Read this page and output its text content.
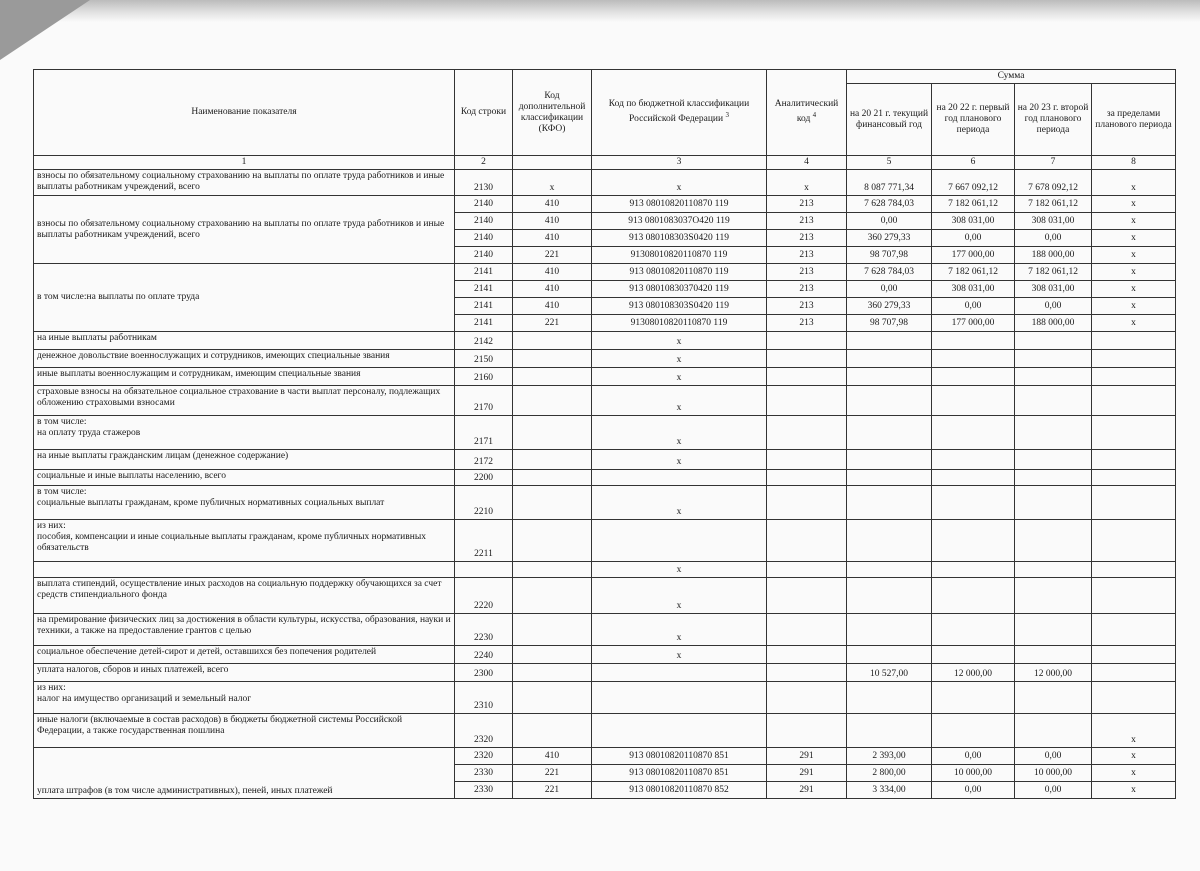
Наименование показателя	Код строки	Код дополнительной классификации (КФО)	Код по бюджетной классификации Российской Федерации $^3$	Аналитический код $^4$	Сумма			
					на 20 21 г. текущий финансовый год	на 20 22 г. первый год планового периода	на 20 23 г. второй год планового периода	за пределами планового периода
1	2		3	4	5	6	7	8
взносы по обязательному социальному страхованию на выплаты по оплате труда работников и иные выплаты работникам учреждений, всего	2130	x	x	x	8 087 771,34	7 667 092,12	7 678 092,12	x
взносы по обязательному социальному страхованию на выплаты по оплате труда работников и иные выплаты работникам учреждений, всего	2140	410	913 08010820110870 119	213	7 628 784,03	7 182 061,12	7 182 061,12	x
	2140	410	913 0801083037О420 119	213	0,00	308 031,00	308 031,00	x
	2140	410	913 080108303S0420 119	213	360 279,33	0,00	0,00	x
	2140	221	91308010820110870 119	213	98 707,98	177 000,00	188 000,00	x
в том числе:на выплаты по оплате труда	2141	410	913 08010820110870 119	213	7 628 784,03	7 182 061,12	7 182 061,12	x
	2141	410	913 08010830370420 119	213	0,00	308 031,00	308 031,00	x
	2141	410	913 080108303S0420 119	213	360 279,33	0,00	0,00	x
	2141	221	91308010820110870 119	213	98 707,98	177 000,00	188 000,00	x
на иные выплаты работникам	2142		x					
денежное довольствие военнослужащих и сотрудников, имеющих специальные звания	2150		x					
иные выплаты военнослужащим и сотрудникам, имеющим специальные звания	2160		x					
страховые взносы на обязательное социальное страхование в части выплат персоналу, подлежащих обложению страховыми взносами	2170		x					
в том числе:
на оплату труда стажеров	2171		x					
на иные выплаты гражданским лицам (денежное содержание)	2172		x					
социальные и иные выплаты населению, всего	2200							
в том числе:
социальные выплаты гражданам, кроме публичных нормативных социальных выплат	2210		x					
из них:
пособия, компенсации и иные социальные выплаты гражданам, кроме публичных нормативных обязательств	2211							
			x					
выплата стипендий, осуществление иных расходов на социальную поддержку обучающихся за счет средств стипендиального фонда	2220		x					
на премирование физических лиц за достижения в области культуры, искусства, образования, науки и техники, а также на предоставление грантов с целью	2230		x					
социальное обеспечение детей-сирот и детей, оставшихся без попечения родителей	2240		x					
уплата налогов, сборов и иных платежей, всего	2300				10 527,00	12 000,00	12 000,00	
из них:
налог на имущество организаций и земельный налог	2310							
иные налоги (включаемые в состав расходов) в бюджеты бюджетной системы Российской Федерации, а также государственная пошлина	2320							x
уплата штрафов (в том числе административных), пеней, иных платежей	2320	410	913 08010820110870 851	291	2 393,00	0,00	0,00	x
	2330	221	913 08010820110870 851	291	2 800,00	10 000,00	10 000,00	x
	2330	221	913 08010820110870 852	291	3 334,00	0,00	0,00	x
